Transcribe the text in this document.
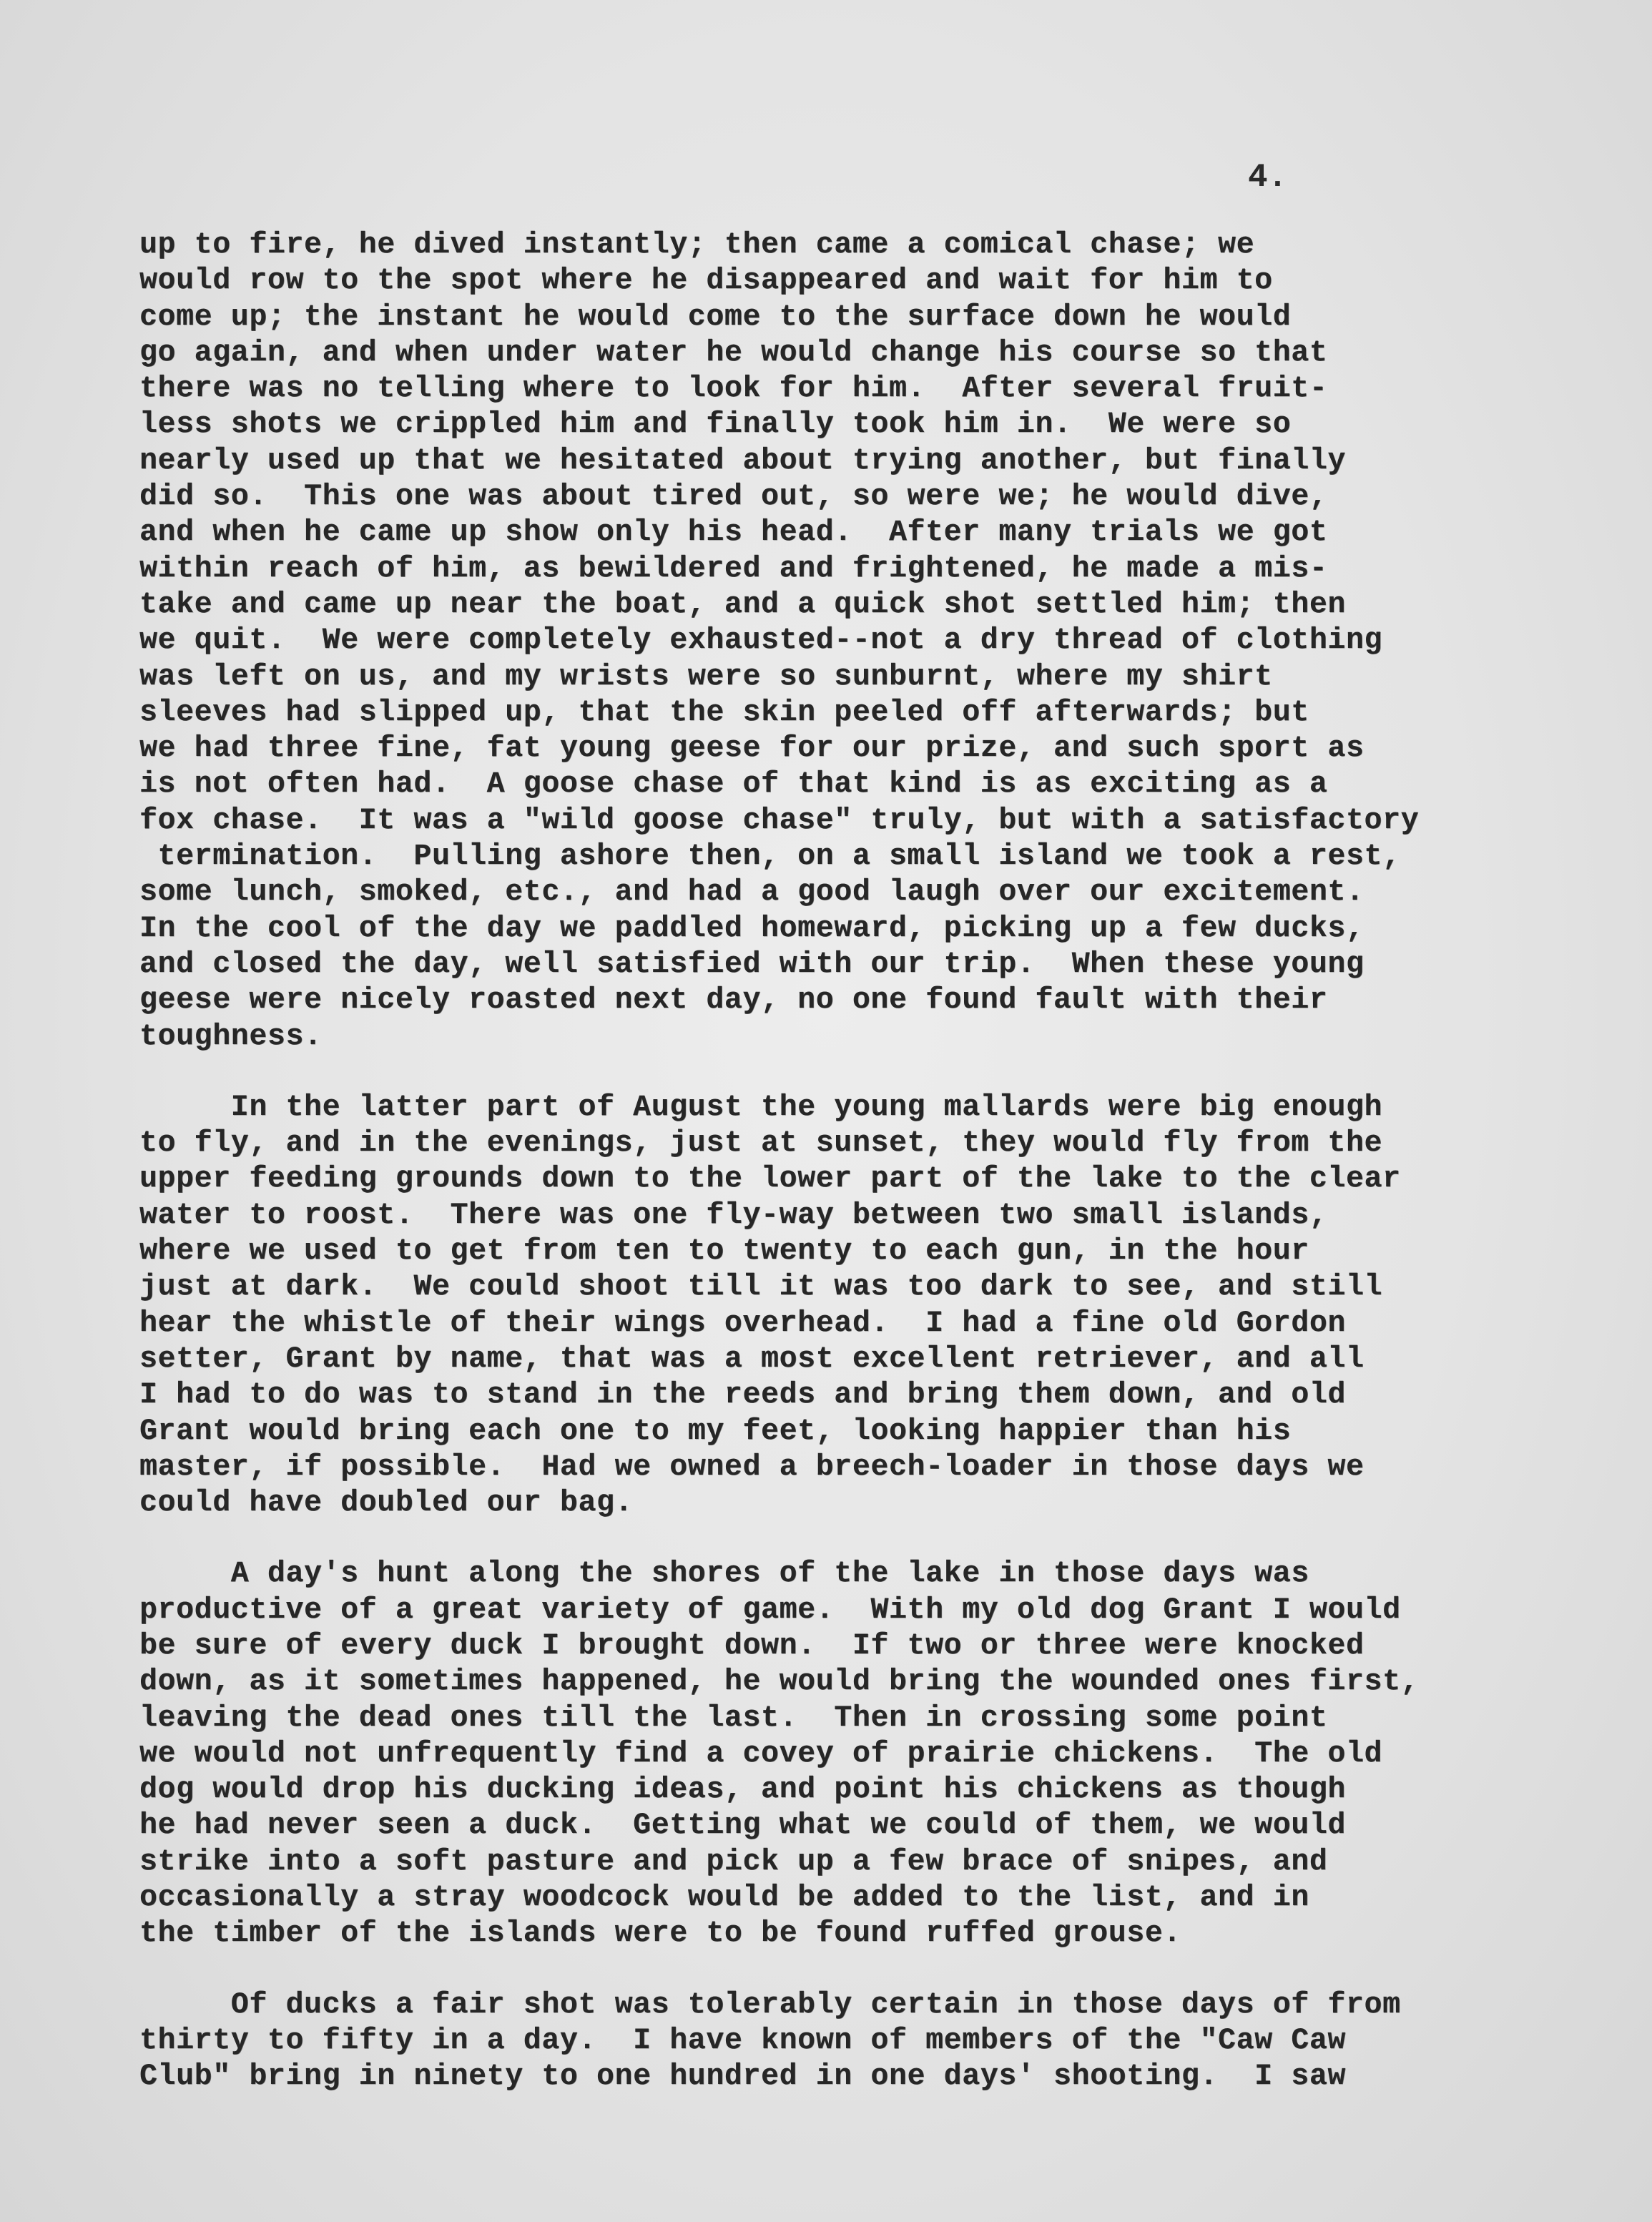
4.
up to fire, he dived instantly; then came a comical chase; we
would row to the spot where he disappeared and wait for him to
come up; the instant he would come to the surface down he would
go again, and when under water he would change his course so that
there was no telling where to look for him.  After several fruit-
less shots we crippled him and finally took him in.  We were so
nearly used up that we hesitated about trying another, but finally
did so.  This one was about tired out, so were we; he would dive,
and when he came up show only his head.  After many trials we got
within reach of him, as bewildered and frightened, he made a mis-
take and came up near the boat, and a quick shot settled him; then
we quit.  We were completely exhausted--not a dry thread of clothing
was left on us, and my wrists were so sunburnt, where my shirt
sleeves had slipped up, that the skin peeled off afterwards; but
we had three fine, fat young geese for our prize, and such sport as
is not often had.  A goose chase of that kind is as exciting as a
fox chase.  It was a "wild goose chase" truly, but with a satisfactory
termination.  Pulling ashore then, on a small island we took a rest,
some lunch, smoked, etc., and had a good laugh over our excitement.
In the cool of the day we paddled homeward, picking up a few ducks,
and closed the day, well satisfied with our trip.  When these young
geese were nicely roasted next day, no one found fault with their
toughness.
In the latter part of August the young mallards were big enough
to fly, and in the evenings, just at sunset, they would fly from the
upper feeding grounds down to the lower part of the lake to the clear
water to roost.  There was one fly-way between two small islands,
where we used to get from ten to twenty to each gun, in the hour
just at dark.  We could shoot till it was too dark to see, and still
hear the whistle of their wings overhead.  I had a fine old Gordon
setter, Grant by name, that was a most excellent retriever, and all
I had to do was to stand in the reeds and bring them down, and old
Grant would bring each one to my feet, looking happier than his
master, if possible.  Had we owned a breech-loader in those days we
could have doubled our bag.
A day's hunt along the shores of the lake in those days was
productive of a great variety of game.  With my old dog Grant I would
be sure of every duck I brought down.  If two or three were knocked
down, as it sometimes happened, he would bring the wounded ones first,
leaving the dead ones till the last.  Then in crossing some point
we would not unfrequently find a covey of prairie chickens.  The old
dog would drop his ducking ideas, and point his chickens as though
he had never seen a duck.  Getting what we could of them, we would
strike into a soft pasture and pick up a few brace of snipes, and
occasionally a stray woodcock would be added to the list, and in
the timber of the islands were to be found ruffed grouse.
Of ducks a fair shot was tolerably certain in those days of from
thirty to fifty in a day.  I have known of members of the "Caw Caw
Club" bring in ninety to one hundred in one days' shooting.  I saw
